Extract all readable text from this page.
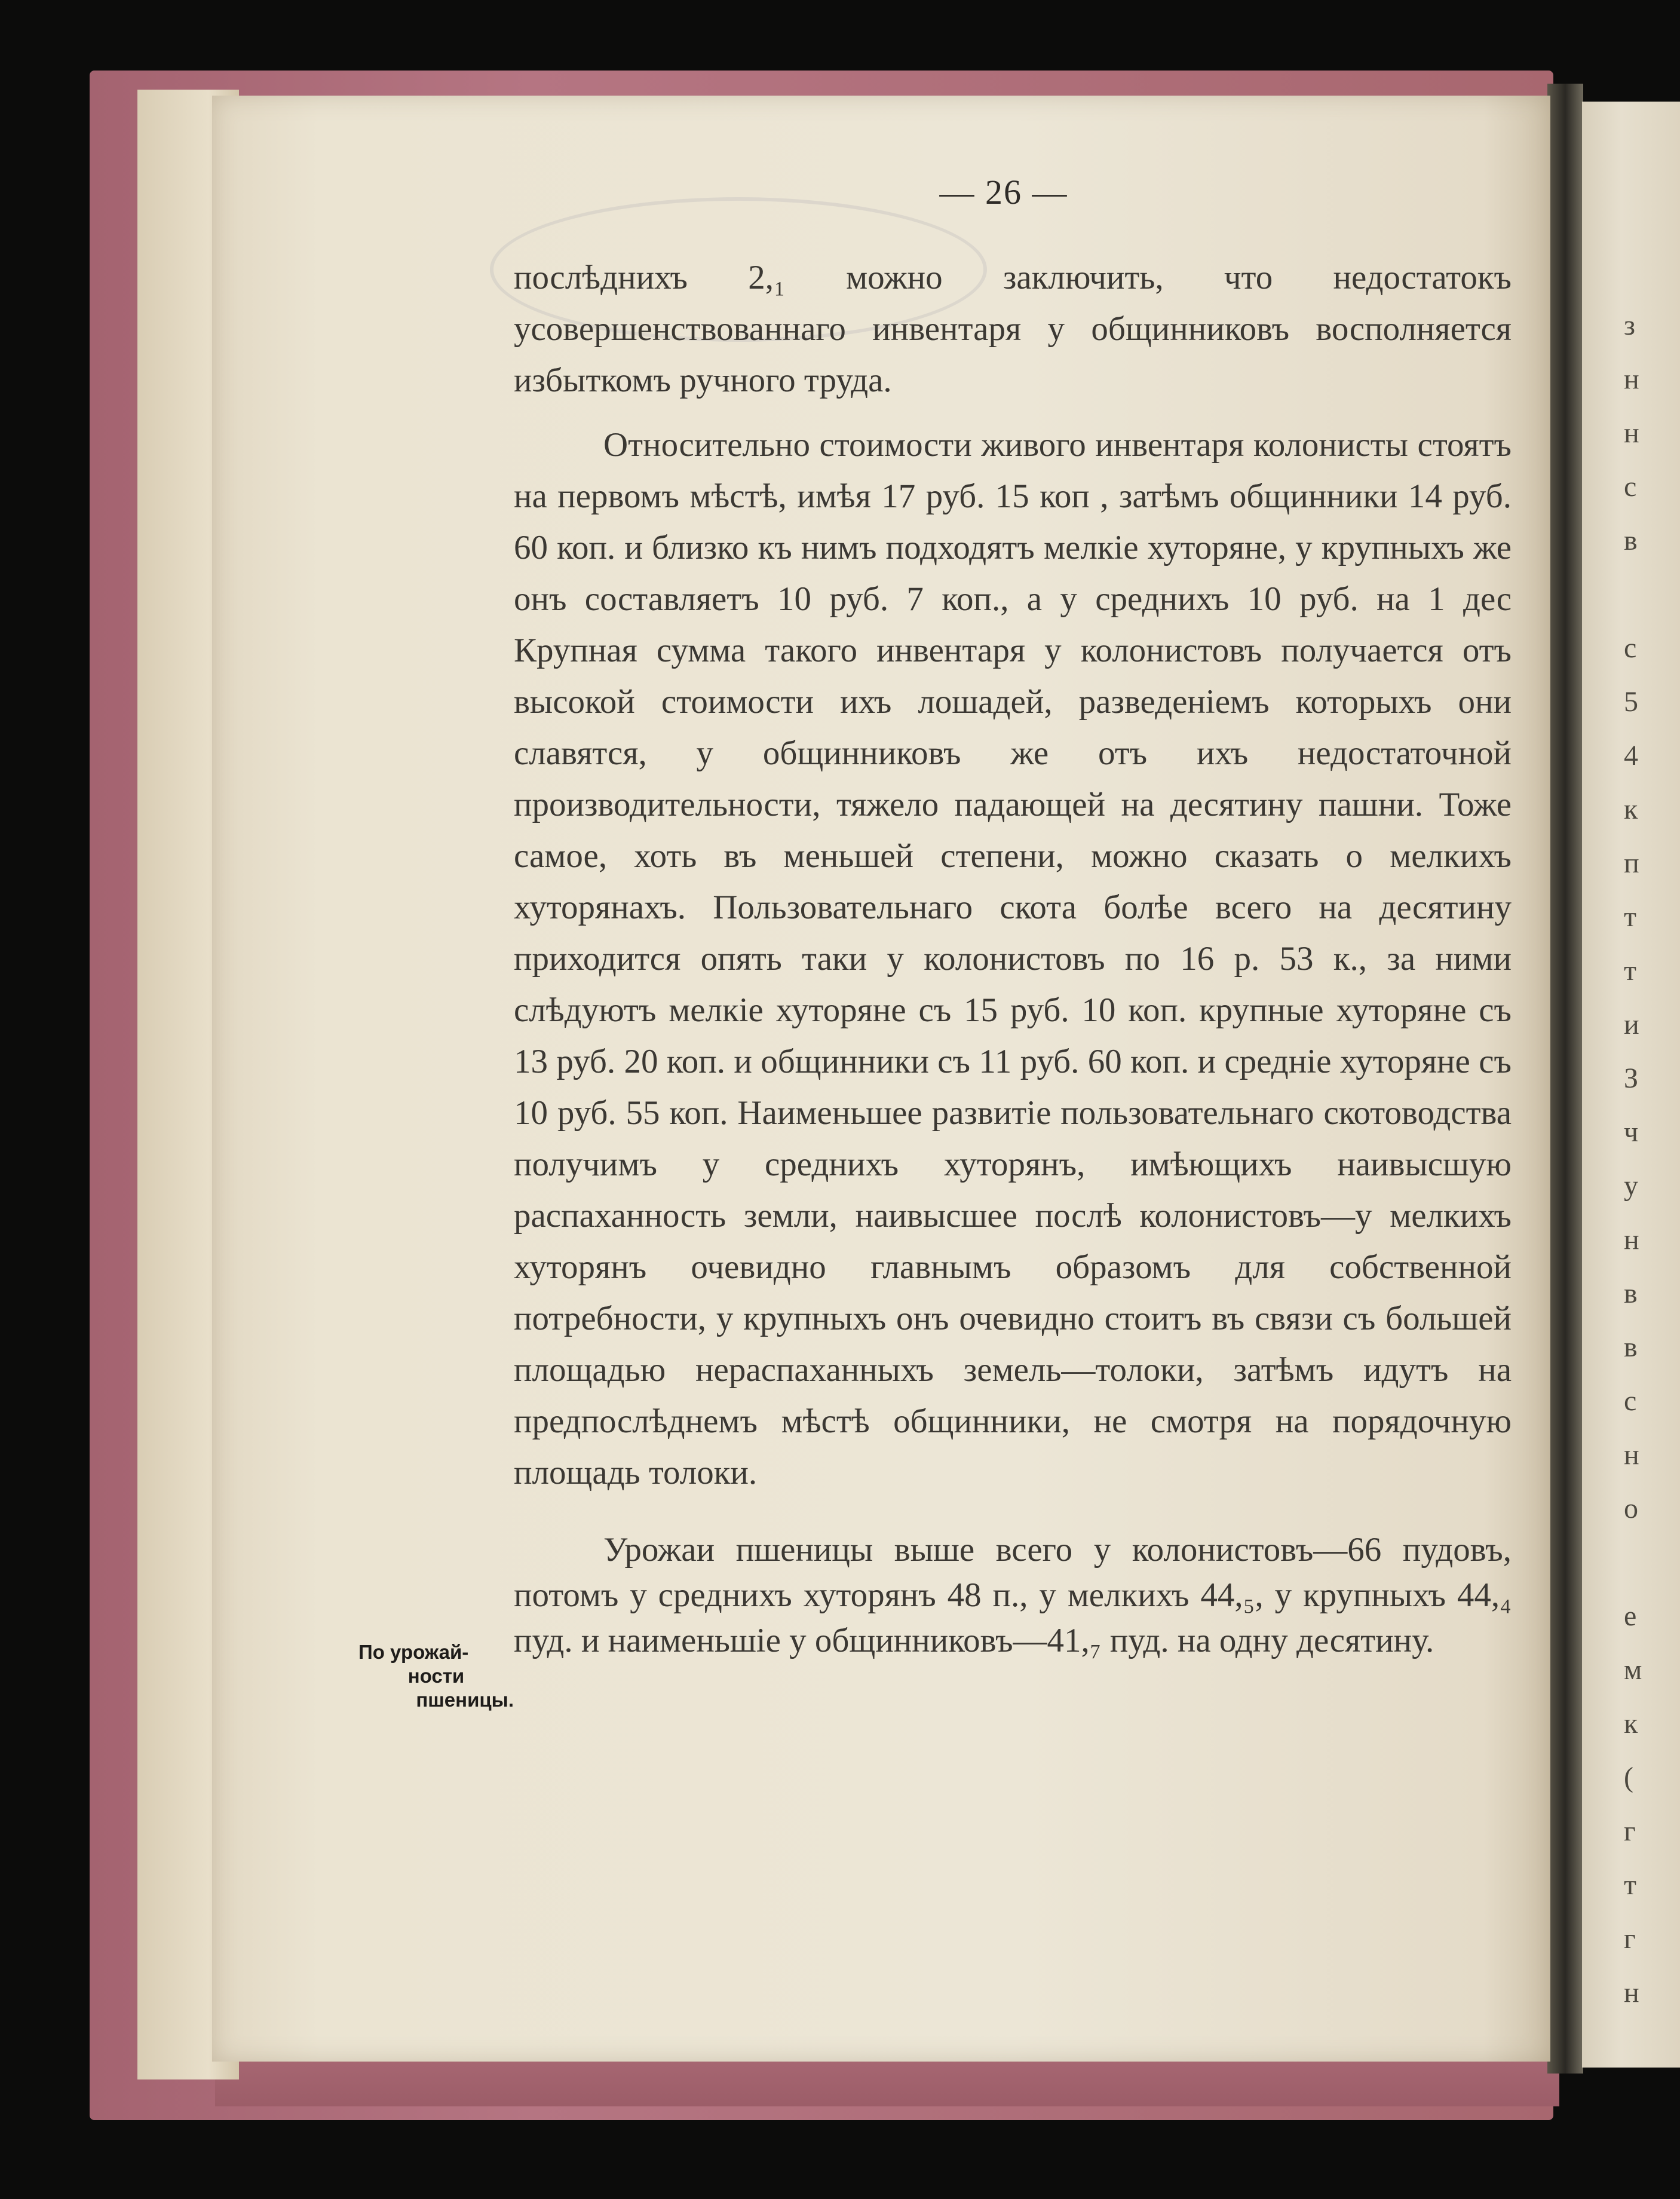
з
н
н
с
в
с
5
4
к
п
т
т
и
З
ч
у
н
в
в
с
н
о
е
м
к
(
г
т
г
н
— 26 —

послѣднихъ 2,₁ можно заключить, что недостатокъ усовершенствованнаго инвентаря у общинниковъ восполняется избыткомъ ручного труда.

Относительно стоимости живого инвентаря колонисты стоятъ на первомъ мѣстѣ, имѣя 17 руб. 15 коп , затѣмъ общинники 14 руб. 60 коп. и близко къ нимъ подходятъ мелкіе хуторяне, у крупныхъ же онъ составляетъ 10 руб. 7 коп., а у среднихъ 10 руб. на 1 дес Крупная сумма такого инвентаря у колонистовъ получается отъ высокой стоимости ихъ лошадей, разведеніемъ которыхъ они славятся, у общинниковъ же отъ ихъ недостаточной производительности, тяжело падающей на десятину пашни. Тоже самое, хоть въ меньшей степени, можно сказать о мелкихъ хуторянахъ. Пользовательнаго скота болѣе всего на десятину приходится опять таки у колонистовъ по 16 р. 53 к., за ними слѣдуютъ мелкіе хуторяне съ 15 руб. 10 коп. крупные хуторяне съ 13 руб. 20 коп. и общинники съ 11 руб. 60 коп. и средніе хуторяне съ 10 руб. 55 коп. Наименьшее развитіе пользовательнаго скотоводства получимъ у среднихъ хуторянъ, имѣющихъ наивысшую распаханность земли, наивысшее послѣ колонистовъ—у мелкихъ хуторянъ очевидно главнымъ образомъ для собственной потребности, у крупныхъ онъ очевидно стоитъ въ связи съ большей площадью нераспаханныхъ земель—толоки, затѣмъ идутъ на предпослѣднемъ мѣстѣ общинники, не смотря на порядочную площадь толоки.

Урожаи пшеницы выше всего у колонистовъ—66 пудовъ, потомъ у среднихъ хуторянъ 48 п., у мелкихъ 44,₅, у крупныхъ 44,₄ пуд. и наименьшіе у общинниковъ—41,₇ пуд. на одну десятину.

По урожай-
ности
пшеницы.
